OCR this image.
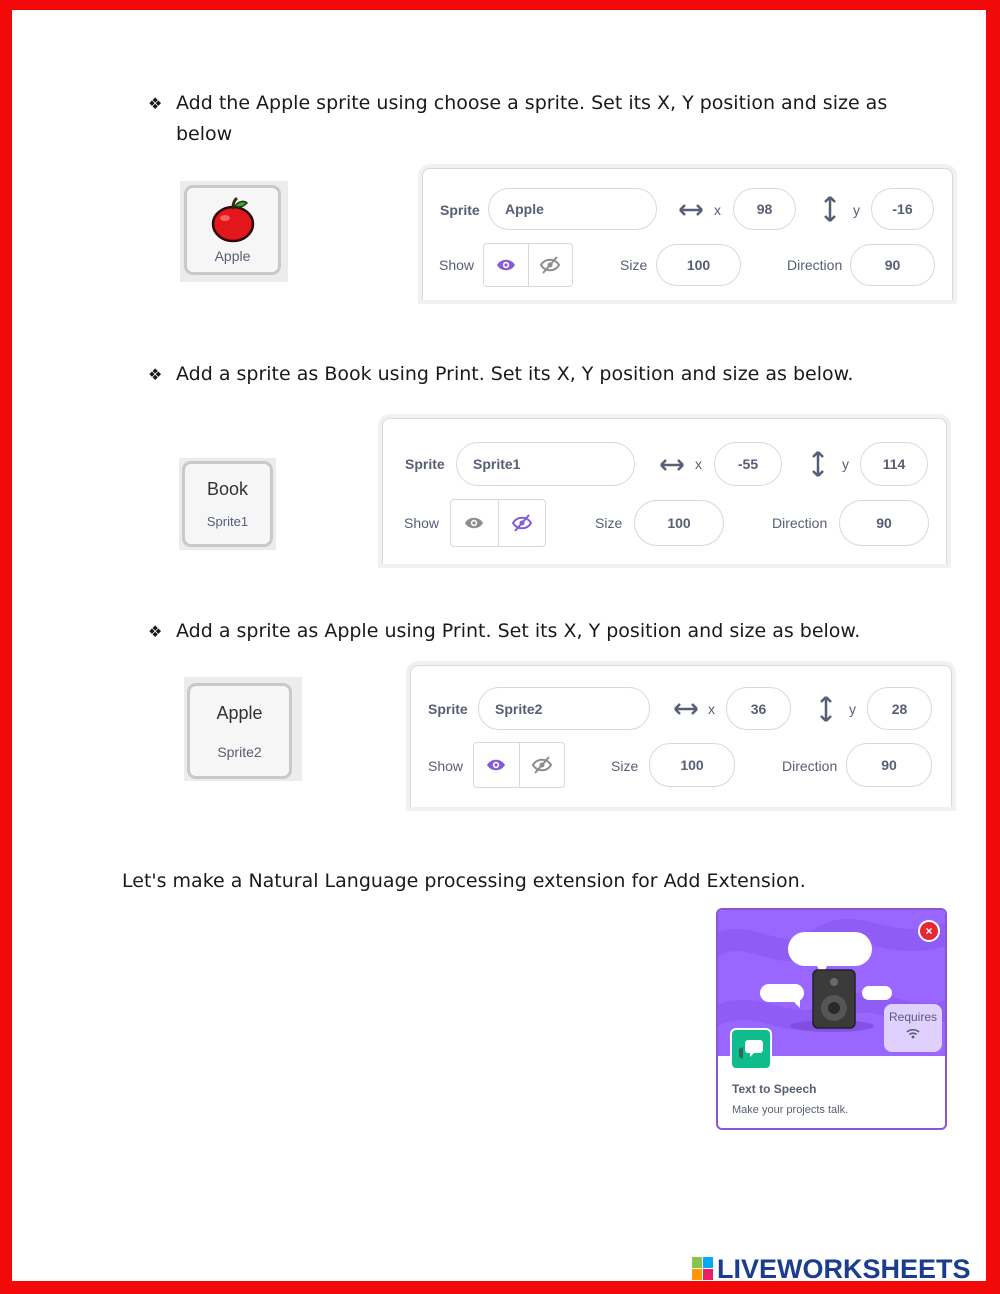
❖ Add the Apple sprite using choose a sprite. Set its X, Y position and size as
below
Apple
Sprite	Apple	x	98	y	-16
Show	Size	100	Direction	90
❖ Add a sprite as Book using Print. Set its X, Y position and size as below.
Book
Sprite1
Sprite	Sprite1	x	-55	y	114
Show	Size	100	Direction	90
❖ Add a sprite as Apple using Print. Set its X, Y position and size as below.
Apple
Sprite2
Sprite	Sprite2	x	36	y	28
Show	Size	100	Direction	90
Let's make a Natural Language processing extension for Add Extension.
×
Requires
Text to Speech
Make your projects talk.
LIVEWORKSHEETS
